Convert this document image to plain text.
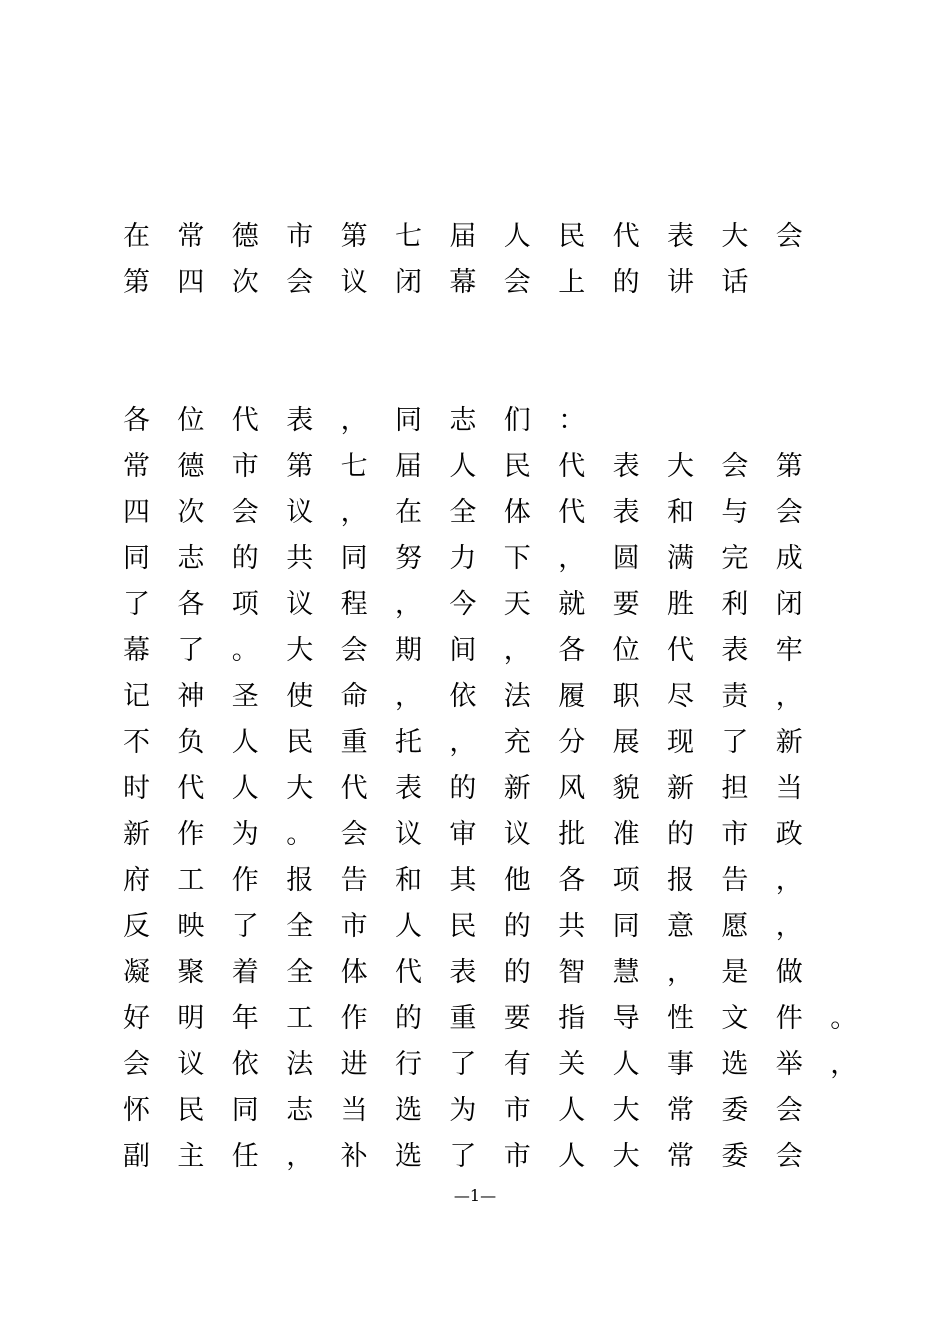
在常德市第七届人民代表大会
第四次会议闭幕会上的讲话
各位代表，同志们：
常德市第七届人民代表大会第
四次会议，在全体代表和与会
同志的共同努力下，圆满完成
了各项议程，今天就要胜利闭
幕了。大会期间，各位代表牢
记神圣使命，依法履职尽责，
不负人民重托，充分展现了新
时代人大代表的新风貌新担当
新作为。会议审议批准的市政
府工作报告和其他各项报告，
反映了全市人民的共同意愿，
凝聚着全体代表的智慧，是做
好明年工作的重要指导性文件。
会议依法进行了有关人事选举，
怀民同志当选为市人大常委会
副主任，补选了市人大常委会
—1—
